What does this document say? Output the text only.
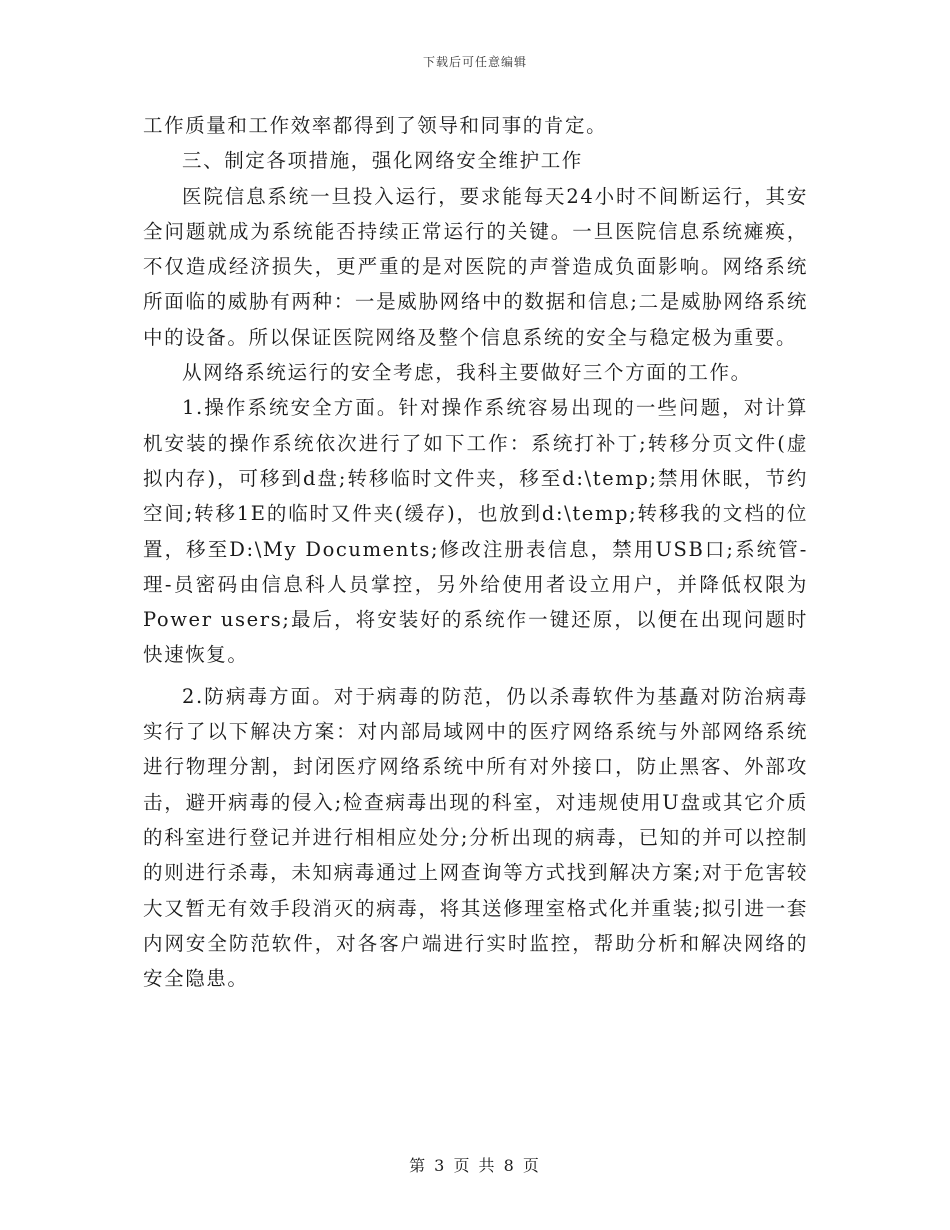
下载后可任意编辑

工作质量和工作效率都得到了领导和同事的肯定。

三、制定各项措施，强化网络安全维护工作

医院信息系统一旦投入运行，要求能每天24小时不间断运行，其安全问题就成为系统能否持续正常运行的关键。一旦医院信息系统瘫痪，不仅造成经济损失，更严重的是对医院的声誉造成负面影响。网络系统所面临的威胁有两种：一是威胁网络中的数据和信息;二是威胁网络系统中的设备。所以保证医院网络及整个信息系统的安全与稳定极为重要。

从网络系统运行的安全考虑，我科主要做好三个方面的工作。

1.操作系统安全方面。针对操作系统容易出现的一些问题，对计算机安装的操作系统依次进行了如下工作：系统打补丁;转移分页文件(虚拟内存)，可移到d盘;转移临时文件夹，移至d:\temp;禁用休眠，节约空间;转移1E的临时又件夹(缓存)，也放到d:\temp;转移我的文档的位置，移至D:\My Documents;修改注册表信息，禁用USB口;系统管-理-员密码由信息科人员掌控，另外给使用者设立用户，并降低权限为Power users;最后，将安装好的系统作一键还原，以便在出现问题时快速恢复。

2.防病毒方面。对于病毒的防范，仍以杀毒软件为基矗对防治病毒实行了以下解决方案：对内部局域网中的医疗网络系统与外部网络系统进行物理分割，封闭医疗网络系统中所有对外接口，防止黑客、外部攻击，避开病毒的侵入;检查病毒出现的科室，对违规使用U盘或其它介质的科室进行登记并进行相相应处分;分析出现的病毒，已知的并可以控制的则进行杀毒，未知病毒通过上网查询等方式找到解决方案;对于危害较大又暂无有效手段消灭的病毒，将其送修理室格式化并重装;拟引进一套内网安全防范软件，对各客户端进行实时监控，帮助分析和解决网络的安全隐患。

第 3 页 共 8 页
